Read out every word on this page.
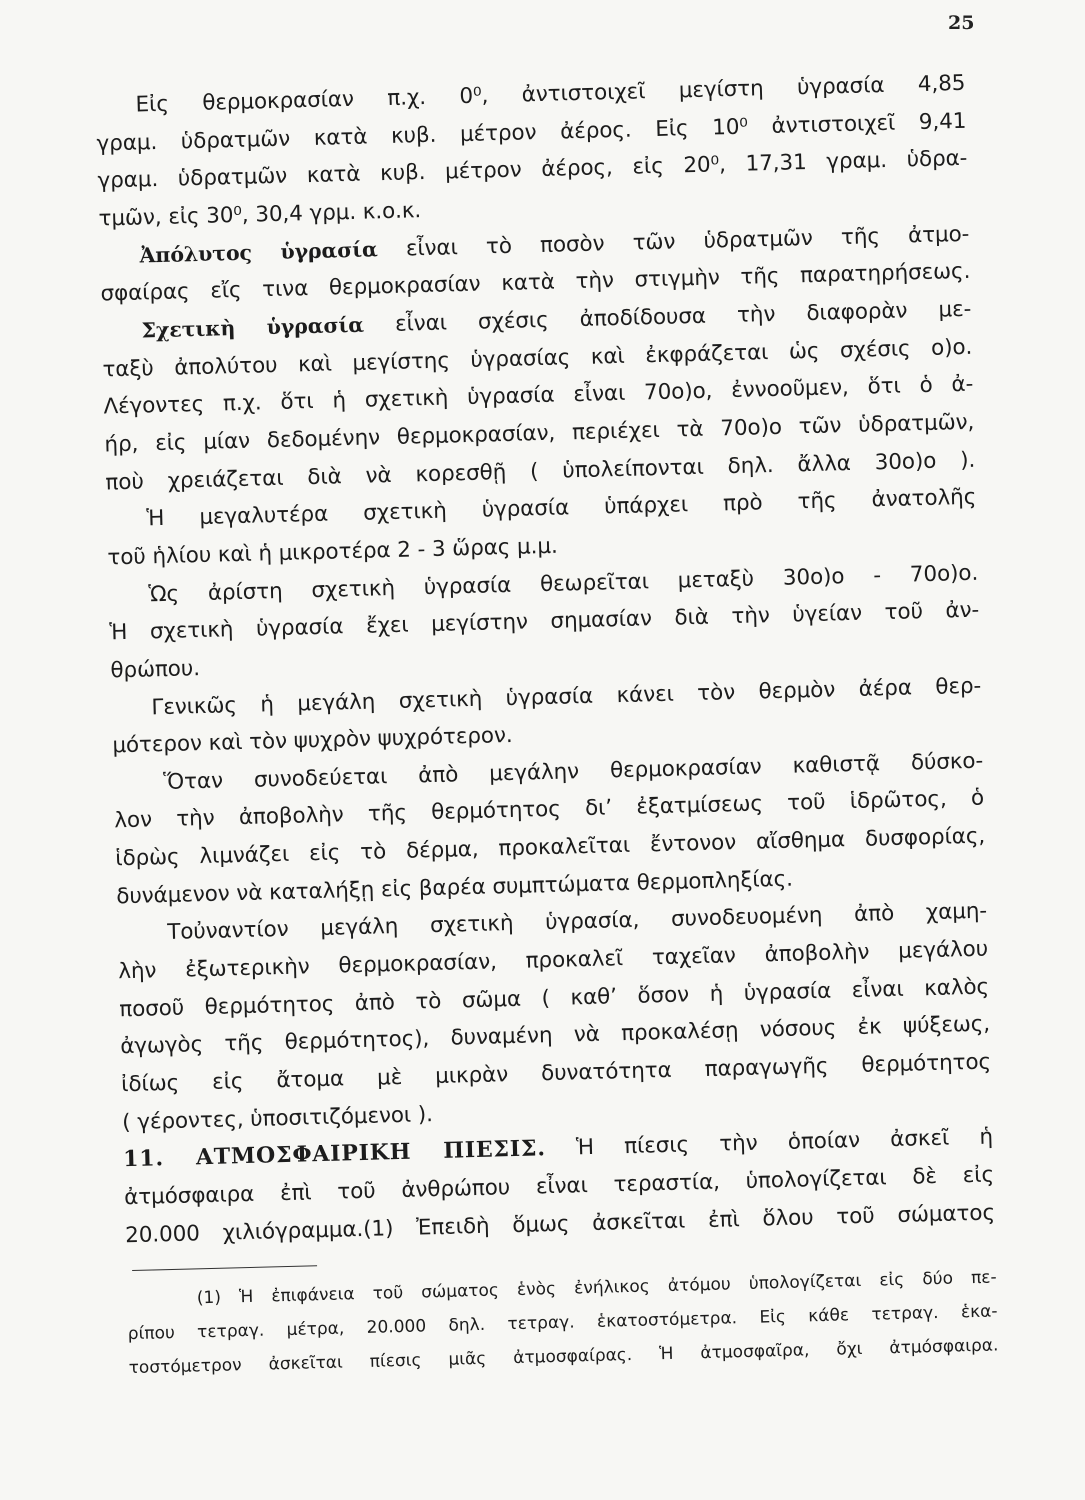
25
Εἰς θερμοκρασίαν π.χ. 0⁰, ἀντιστοιχεῖ μεγίστη ὑγρασία 4,85
γραμ. ὑδρατμῶν κατὰ κυβ. μέτρον ἀέρος. Εἰς 10⁰ ἀντιστοιχεῖ 9,41
γραμ. ὑδρατμῶν κατὰ κυβ. μέτρον ἀέρος, εἰς 20⁰, 17,31 γραμ. ὑδρα-
τμῶν, εἰς 30⁰, 30,4 γρμ. κ.ο.κ.
Ἀπόλυτος ὑγρασία εἶναι τὸ ποσὸν τῶν ὑδρατμῶν τῆς ἀτμο-
σφαίρας εἴς τινα θερμοκρασίαν κατὰ τὴν στιγμὴν τῆς παρατηρήσεως.
Σχετικὴ ὑγρασία εἶναι σχέσις ἀποδίδουσα τὴν διαφορὰν με-
ταξὺ ἀπολύτου καὶ μεγίστης ὑγρασίας καὶ ἐκφράζεται ὡς σχέσις ο)ο.
Λέγοντες π.χ. ὅτι ἡ σχετικὴ ὑγρασία εἶναι 70ο)ο, ἐννοοῦμεν, ὅτι ὁ ἀ-
ήρ, εἰς μίαν δεδομένην θερμοκρασίαν, περιέχει τὰ 70ο)ο τῶν ὑδρατμῶν,
ποὺ χρειάζεται διὰ νὰ κορεσθῇ ( ὑπολείπονται δηλ. ἄλλα 30ο)ο ).
Ἡ μεγαλυτέρα σχετικὴ ὑγρασία ὑπάρχει πρὸ τῆς ἀνατολῆς
τοῦ ἡλίου καὶ ἡ μικροτέρα 2 - 3 ὥρας μ.μ.
Ὡς ἀρίστη σχετικὴ ὑγρασία θεωρεῖται μεταξὺ 30ο)ο - 70ο)ο.
Ἡ σχετικὴ ὑγρασία ἔχει μεγίστην σημασίαν διὰ τὴν ὑγείαν τοῦ ἀν-
θρώπου.
Γενικῶς ἡ μεγάλη σχετικὴ ὑγρασία κάνει τὸν θερμὸν ἀέρα θερ-
μότερον καὶ τὸν ψυχρὸν ψυχρότερον.
Ὅταν συνοδεύεται ἀπὸ μεγάλην θερμοκρασίαν καθιστᾷ δύσκο-
λον τὴν ἀποβολὴν τῆς θερμότητος δι’ ἐξατμίσεως τοῦ ἱδρῶτος, ὁ
ἱδρὼς λιμνάζει εἰς τὸ δέρμα, προκαλεῖται ἔντονον αἴσθημα δυσφορίας,
δυνάμενον νὰ καταλήξῃ εἰς βαρέα συμπτώματα θερμοπληξίας.
Τοὐναντίον μεγάλη σχετικὴ ὑγρασία, συνοδευομένη ἀπὸ χαμη-
λὴν ἐξωτερικὴν θερμοκρασίαν, προκαλεῖ ταχεῖαν ἀποβολὴν μεγάλου
ποσοῦ θερμότητος ἀπὸ τὸ σῶμα ( καθ’ ὅσον ἡ ὑγρασία εἶναι καλὸς
ἀγωγὸς τῆς θερμότητος), δυναμένη νὰ προκαλέσῃ νόσους ἐκ ψύξεως,
ἰδίως εἰς ἄτομα μὲ μικρὰν δυνατότητα παραγωγῆς θερμότητος
( γέροντες, ὑποσιτιζόμενοι ).
11. ΑΤΜΟΣΦΑΙΡΙΚΗ ΠΙΕΣΙΣ. Ἡ πίεσις τὴν ὁποίαν ἀσκεῖ ἡ
ἀτμόσφαιρα ἐπὶ τοῦ ἀνθρώπου εἶναι τεραστία, ὑπολογίζεται δὲ εἰς
20.000 χιλιόγραμμα.(1) Ἐπειδὴ ὅμως ἀσκεῖται ἐπὶ ὅλου τοῦ σώματος
(1) Ἡ ἐπιφάνεια τοῦ σώματος ἑνὸς ἐνήλικος ἀτόμου ὑπολογίζεται εἰς δύο πε-
ρίπου τετραγ. μέτρα, 20.000 δηλ. τετραγ. ἑκατοστόμετρα. Εἰς κάθε τετραγ. ἑκα-
τοστόμετρον ἀσκεῖται πίεσις μιᾶς ἀτμοσφαίρας. Ἡ ἀτμοσφαῖρα, ὄχι ἀτμόσφαιρα.
